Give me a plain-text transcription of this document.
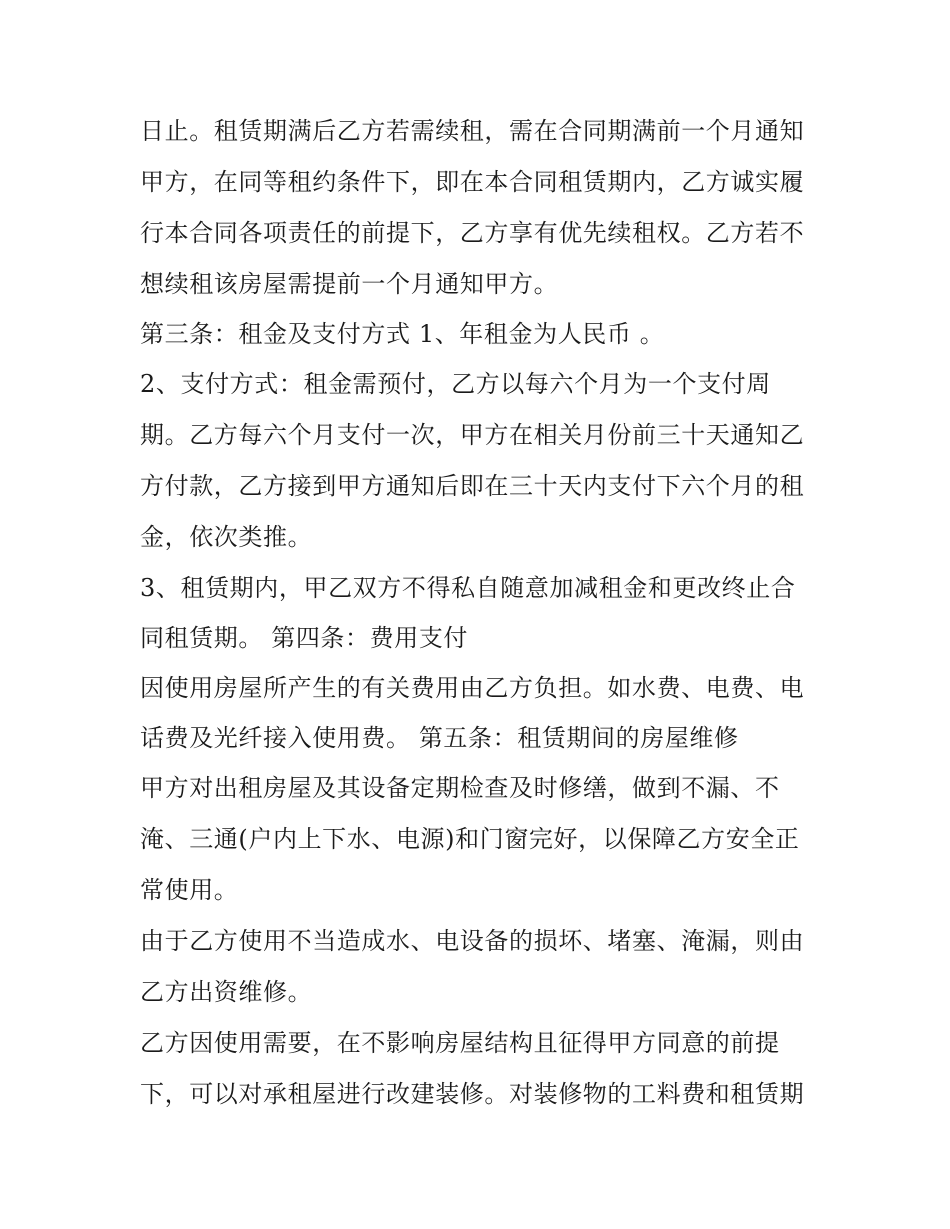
日止。租赁期满后乙方若需续租，需在合同期满前一个月通知
甲方，在同等租约条件下，即在本合同租赁期内，乙方诚实履
行本合同各项责任的前提下，乙方享有优先续租权。乙方若不
想续租该房屋需提前一个月通知甲方。
第三条：租金及支付方式 1、年租金为人民币 。
2、支付方式：租金需预付，乙方以每六个月为一个支付周
期。乙方每六个月支付一次，甲方在相关月份前三十天通知乙
方付款，乙方接到甲方通知后即在三十天内支付下六个月的租
金，依次类推。
3、租赁期内，甲乙双方不得私自随意加减租金和更改终止合
同租赁期。 第四条：费用支付
因使用房屋所产生的有关费用由乙方负担。如水费、电费、电
话费及光纤接入使用费。 第五条：租赁期间的房屋维修
甲方对出租房屋及其设备定期检查及时修缮，做到不漏、不
淹、三通(户内上下水、电源)和门窗完好，以保障乙方安全正
常使用。
由于乙方使用不当造成水、电设备的损坏、堵塞、淹漏，则由
乙方出资维修。
乙方因使用需要，在不影响房屋结构且征得甲方同意的前提
下，可以对承租屋进行改建装修。对装修物的工料费和租赁期
